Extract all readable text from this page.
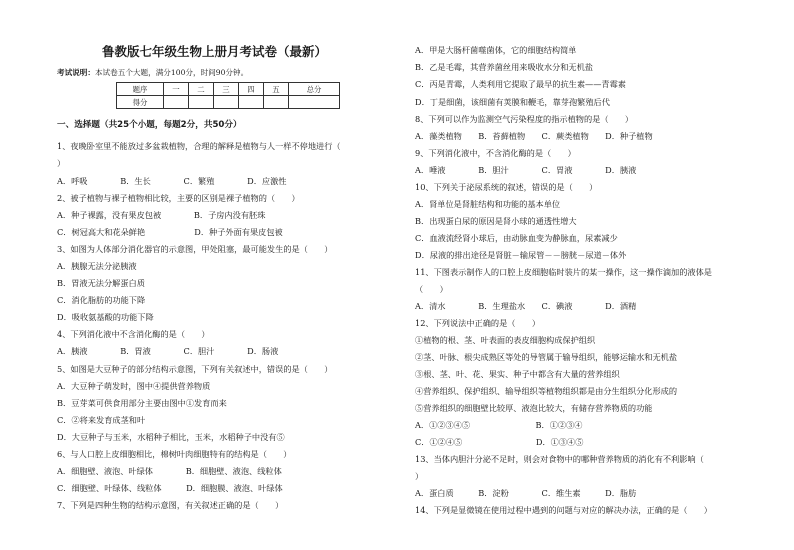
鲁教版七年级生物上册月考试卷（最新）
考试说明：本试卷五个大题，满分100分，时间90分钟。
题序	一	二	三	四	五	总分
得分						
一、选择题（共25个小题，每题2分，共50分）
1、夜晚卧室里不能放过多盆栽植物，合理的解释是植物与人一样不停地进行（
）
A．呼吸　　　　B．生长　　　　C．繁殖　　　　D．应激性
2、被子植物与裸子植物相比较，主要的区别是裸子植物的（　　）
A．种子裸露，没有果皮包被　　　　B．子房内没有胚珠
C．树冠高大和花朵鲜艳　　　　　　D．种子外面有果皮包被
3、如图为人体部分消化器官的示意图，甲处阻塞，最可能发生的是（　　）
A．胰腺无法分泌胰液
B．胃液无法分解蛋白质
C．消化脂肪的功能下降
D．吸收氨基酸的功能下降
4、下列消化液中不含消化酶的是（　　）
A．胰液　　　　B．胃液　　　　C．胆汁　　　　D．肠液
5、如图是大豆种子的部分结构示意图，下列有关叙述中，错误的是（　　）
A．大豆种子萌发时，图中④提供营养物质
B．豆芽菜可供食用部分主要由图中①发育而来
C．②将来发育成茎和叶
D．大豆种子与玉米，水稻种子相比，玉米，水稻种子中没有⑤
6、与人口腔上皮细胞相比，棉树叶肉细胞特有的结构是（　　）
A．细胞壁、液泡、叶绿体　　　　B．细胞壁、液泡、线粒体
C．细胞壁、叶绿体、线粒体　　　D．细胞膜、液泡、叶绿体
7、下列是四种生物的结构示意图，有关叙述正确的是（　　）
A．甲是大肠杆菌噬菌体，它的细胞结构简单
B．乙是毛霉，其营养菌丝用来吸收水分和无机盐
C．丙是青霉，人类利用它提取了最早的抗生素——青霉素
D．丁是细菌，该细菌有荚膜和鞭毛，靠芽孢繁殖后代
8、下列可以作为监测空气污染程度的指示植物的是（　　）
A．藻类植物　　B．苔藓植物　　C．蕨类植物　　D．种子植物
9、下列消化液中，不含消化酶的是（　　）
A．唾液　　　　B．胆汁　　　　C．胃液　　　　D．胰液
10、下列关于泌尿系统的叙述，错误的是（　　）
A．肾单位是肾脏结构和功能的基本单位
B．出现蛋白尿的原因是肾小球的通透性增大
C．血液流经肾小球后，由动脉血变为静脉血，尿素减少
D．尿液的排出途径是肾脏－输尿管－－膀胱－尿道－体外
11、下图表示制作人的口腔上皮细胞临时装片的某一操作，这一操作滴加的液体是
（　　）
A．清水　　　　B．生理盐水　　C．碘液　　　　D．酒精
12、下列说法中正确的是（　　）
①植物的根、茎、叶表面的表皮细胞构成保护组织
②茎、叶脉、根尖成熟区等处的导管属于输导组织，能够运输水和无机盐
③根、茎、叶、花、果实、种子中都含有大量的营养组织
④营养组织、保护组织、输导组织等植物组织都是由分生组织分化形成的
⑤营养组织的细胞壁比较厚、液泡比较大，有储存营养物质的功能
A．①②③④⑤　　　　　　　　B．①②③④
C．①②④⑤　　　　　　　　　D．①③④⑤
13、当体内胆汁分泌不足时，则会对食物中的哪种营养物质的消化有不利影响（
）
A．蛋白质　　　B．淀粉　　　　C．维生素　　　D．脂肪
14、下列是显微镜在使用过程中遇到的问题与对应的解决办法，正确的是（　　）
